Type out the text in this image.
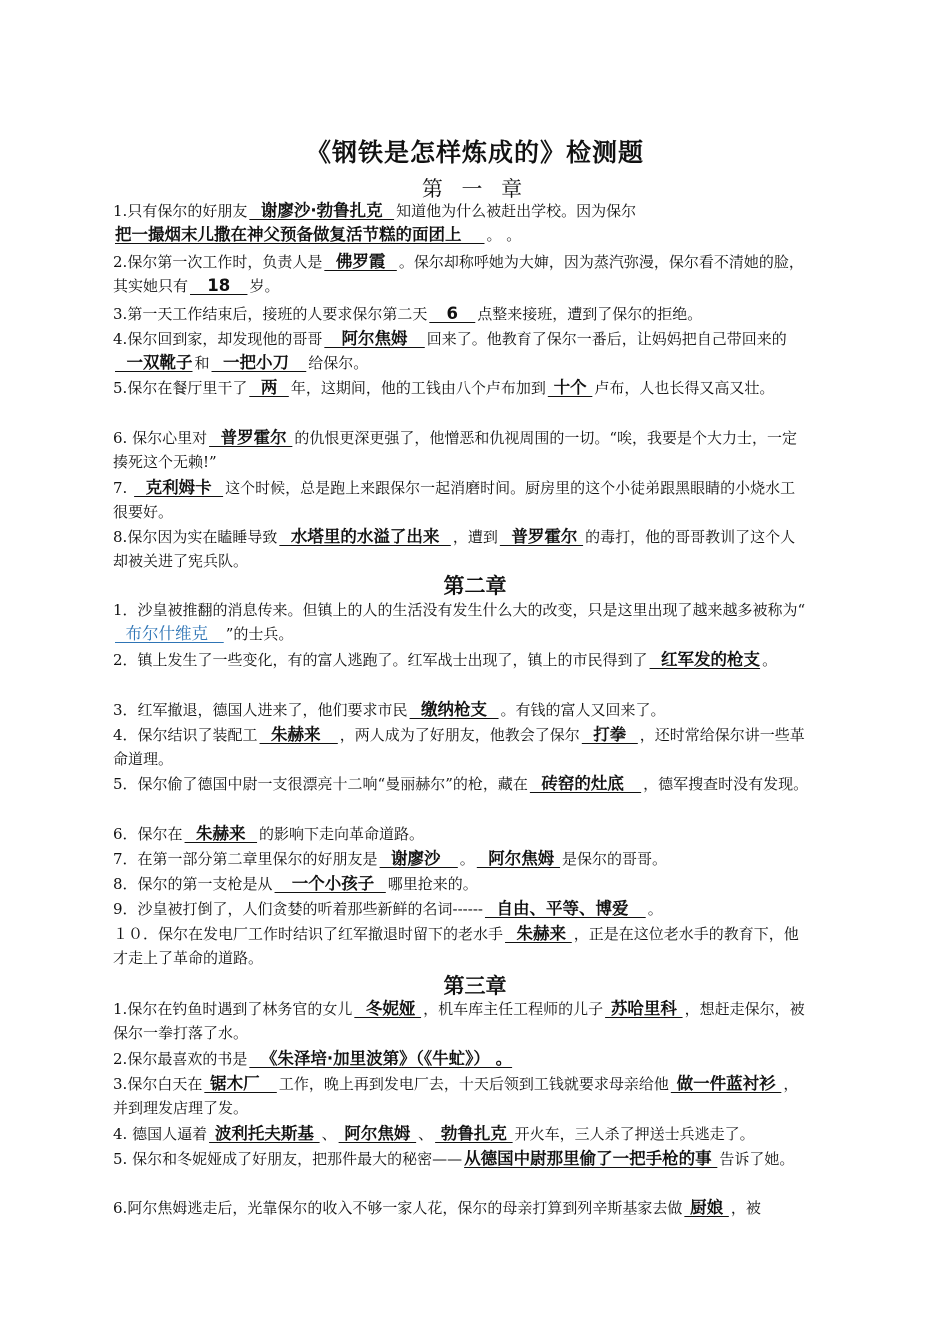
《钢铁是怎样炼成的》检测题
第 一 章
第二章
第三章
1.只有保尔的好朋友  谢廖沙·勃鲁扎克  知道他为什么被赶出学校。因为保尔把一撮烟末儿撒在神父预备做复活节糕的面团上    。 。
2.保尔第一次工作时，负责人是  佛罗霞  。保尔却称呼她为大婶，因为蒸汽弥漫，保尔看不清她的脸，其实她只有   18   岁。
3.第一天工作结束后，接班的人要求保尔第二天   6   点整来接班，遭到了保尔的拒绝。
4.保尔回到家，却发现他的哥哥   阿尔焦姆   回来了。他教育了保尔一番后，让妈妈把自己带回来的  一双靴子 和  一把小刀   给保尔。
5.保尔在餐厅里干了  两  年，这期间，他的工钱由八个卢布加到 十个 卢布，人也长得又高又壮。
6. 保尔心里对  普罗霍尔 的仇恨更深更强了，他憎恶和仇视周围的一切。“唉，我要是个大力士，一定揍死这个无赖!”
7.   克利姆卡  这个时候，总是跑上来跟保尔一起消磨时间。厨房里的这个小徒弟跟黑眼睛的小烧水工很要好。
8.保尔因为实在瞌睡导致  水塔里的水溢了出来  ，遭到  普罗霍尔 的毒打，他的哥哥教训了这个人却被关进了宪兵队。
1．沙皇被推翻的消息传来。但镇上的人的生活没有发生什么大的改变，只是这里出现了越来越多被称为“  布尔什维克   ”的士兵。
2．镇上发生了一些变化，有的富人逃跑了。红军战士出现了，镇上的市民得到了  红军发的枪支 。
3．红军撤退，德国人进来了，他们要求市民  缴纳枪支  。有钱的富人又回来了。
4．保尔结识了装配工  朱赫来   ，两人成为了好朋友，他教会了保尔  打拳  ，还时常给保尔讲一些革命道理。
5．保尔偷了德国中尉一支很漂亮十二响“曼丽赫尔”的枪，藏在  砖窑的灶底   ，德军搜查时没有发现。
6．保尔在  朱赫来  的影响下走向革命道路。
7．在第一部分第二章里保尔的好朋友是  谢廖沙   。  阿尔焦姆 是保尔的哥哥。
8．保尔的第一支枪是从   一个小孩子  哪里抢来的。
9．沙皇被打倒了，人们贪婪的听着那些新鲜的名词------  自由、平等、博爱   。
１０．保尔在发电厂工作时结识了红军撤退时留下的老水手  朱赫来 ，正是在这位老水手的教育下，他才走上了革命的道路。
1.保尔在钓鱼时遇到了林务官的女儿  冬妮娅 ，机车库主任工程师的儿子 苏哈里科 ，想赶走保尔，被保尔一拳打落了水。
2.保尔最喜欢的书是  《朱泽培·加里波第》（《牛虻》） 。
3.保尔白天在 锯木厂   工作，晚上再到发电厂去，十天后领到工钱就要求母亲给他 做一件蓝衬衫 ，并到理发店理了发。
4. 德国人逼着 波利托夫斯基 、 阿尔焦姆 、 勃鲁扎克 开火车，三人杀了押送士兵逃走了。
5. 保尔和冬妮娅成了好朋友，把那件最大的秘密—— 从德国中尉那里偷了一把手枪的事 告诉了她。
6.阿尔焦姆逃走后，光靠保尔的收入不够一家人花，保尔的母亲打算到列辛斯基家去做 厨娘 ，被
